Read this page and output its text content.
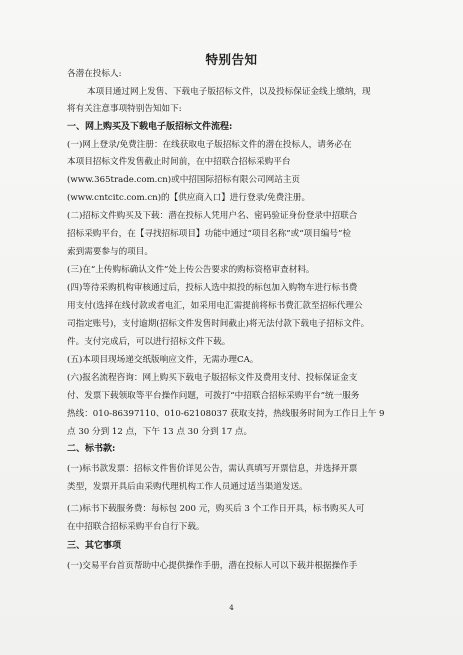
特别告知
各潜在投标人:
本项目通过网上发售、下载电子版招标文件，以及投标保证金线上缴纳，现
将有关注意事项特别告知如下:
一、网上购买及下载电子版招标文件流程:
(一)网上登录/免费注册：在线获取电子版招标文件的潜在投标人，请务必在
本项目招标文件发售截止时间前，在中招联合招标采购平台
(www.365trade.com.cn)或中招国际招标有限公司网站主页
(www.cntcitc.com.cn)的【供应商入口】进行登录/免费注册。
(二)招标文件购买及下载：潜在投标人凭用户名、密码验证身份登录中招联合
招标采购平台，在【寻找招标项目】功能中通过“项目名称”或“项目编号”检
索到需要参与的项目。
(三)在“上传购标确认文件”处上传公告要求的购标资格审查材料。
(四)等待采购机构审核通过后，投标人选中拟投的标包加入购物车进行标书费
用支付(选择在线付款或者电汇，如采用电汇需提前将标书费汇款至招标代理公
司指定账号)，支付逾期(招标文件发售时间截止)将无法付款下载电子招标文件。
件。支付完成后，可以进行招标文件下载。
(五)本项目现场递交纸版响应文件，无需办理CA。
(六)报名流程咨询：网上购买下载电子版招标文件及费用支付、投标保证金支
付、发票下载领取等平台操作问题，可拨打“中招联合招标采购平台”统一服务
热线：010-86397110、010-62108037 获取支持，热线服务时间为工作日上午 9
点 30 分到 12 点，下午 13 点 30 分到 17 点。
二、标书款:
(一)标书款发票：招标文件售价详见公告，需认真填写开票信息，并选择开票
类型，发票开具后由采购代理机构工作人员通过适当渠道发送。
(二)标书下载服务费：每标包 200 元，购买后 3 个工作日开具，标书购买人可
在中招联合招标采购平台自行下载。
三、其它事项
(一)交易平台首页帮助中心提供操作手册，潜在投标人可以下载并根据操作手
4
